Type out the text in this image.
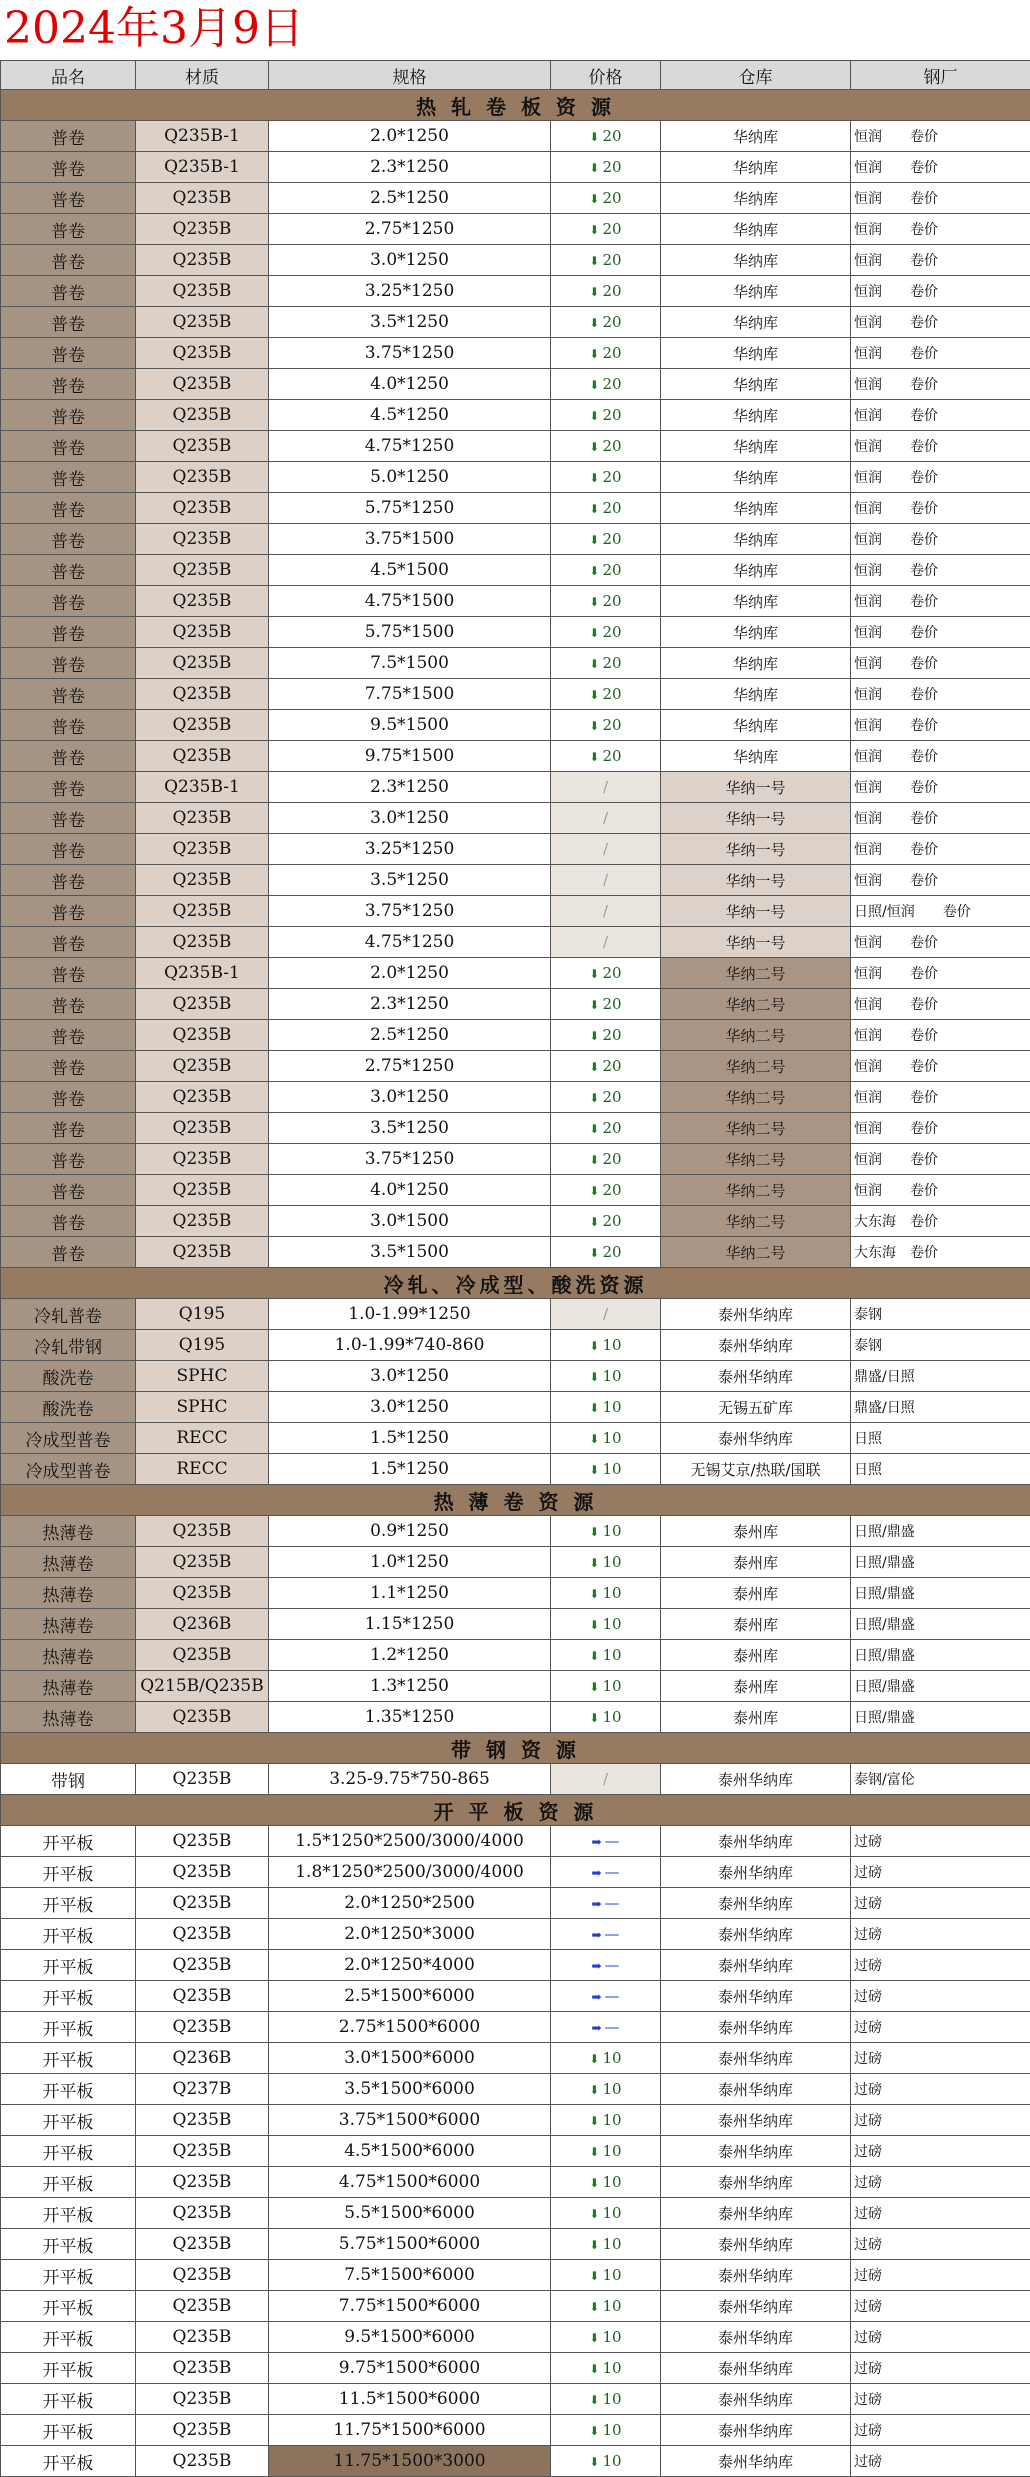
2024年3月9日
品名	材质	规格	价格	仓库	钢厂
热 轧 卷 板 资 源					
普卷	Q235B-1	2.0*1250	⬇ 20	华纳库	恒润　　卷价
普卷	Q235B-1	2.3*1250	⬇ 20	华纳库	恒润　　卷价
普卷	Q235B	2.5*1250	⬇ 20	华纳库	恒润　　卷价
普卷	Q235B	2.75*1250	⬇ 20	华纳库	恒润　　卷价
普卷	Q235B	3.0*1250	⬇ 20	华纳库	恒润　　卷价
普卷	Q235B	3.25*1250	⬇ 20	华纳库	恒润　　卷价
普卷	Q235B	3.5*1250	⬇ 20	华纳库	恒润　　卷价
普卷	Q235B	3.75*1250	⬇ 20	华纳库	恒润　　卷价
普卷	Q235B	4.0*1250	⬇ 20	华纳库	恒润　　卷价
普卷	Q235B	4.5*1250	⬇ 20	华纳库	恒润　　卷价
普卷	Q235B	4.75*1250	⬇ 20	华纳库	恒润　　卷价
普卷	Q235B	5.0*1250	⬇ 20	华纳库	恒润　　卷价
普卷	Q235B	5.75*1250	⬇ 20	华纳库	恒润　　卷价
普卷	Q235B	3.75*1500	⬇ 20	华纳库	恒润　　卷价
普卷	Q235B	4.5*1500	⬇ 20	华纳库	恒润　　卷价
普卷	Q235B	4.75*1500	⬇ 20	华纳库	恒润　　卷价
普卷	Q235B	5.75*1500	⬇ 20	华纳库	恒润　　卷价
普卷	Q235B	7.5*1500	⬇ 20	华纳库	恒润　　卷价
普卷	Q235B	7.75*1500	⬇ 20	华纳库	恒润　　卷价
普卷	Q235B	9.5*1500	⬇ 20	华纳库	恒润　　卷价
普卷	Q235B	9.75*1500	⬇ 20	华纳库	恒润　　卷价
普卷	Q235B-1	2.3*1250	/	华纳一号	恒润　　卷价
普卷	Q235B	3.0*1250	/	华纳一号	恒润　　卷价
普卷	Q235B	3.25*1250	/	华纳一号	恒润　　卷价
普卷	Q235B	3.5*1250	/	华纳一号	恒润　　卷价
普卷	Q235B	3.75*1250	/	华纳一号	日照/恒润　　卷价
普卷	Q235B	4.75*1250	/	华纳一号	恒润　　卷价
普卷	Q235B-1	2.0*1250	⬇ 20	华纳二号	恒润　　卷价
普卷	Q235B	2.3*1250	⬇ 20	华纳二号	恒润　　卷价
普卷	Q235B	2.5*1250	⬇ 20	华纳二号	恒润　　卷价
普卷	Q235B	2.75*1250	⬇ 20	华纳二号	恒润　　卷价
普卷	Q235B	3.0*1250	⬇ 20	华纳二号	恒润　　卷价
普卷	Q235B	3.5*1250	⬇ 20	华纳二号	恒润　　卷价
普卷	Q235B	3.75*1250	⬇ 20	华纳二号	恒润　　卷价
普卷	Q235B	4.0*1250	⬇ 20	华纳二号	恒润　　卷价
普卷	Q235B	3.0*1500	⬇ 20	华纳二号	大东海　卷价
普卷	Q235B	3.5*1500	⬇ 20	华纳二号	大东海　卷价
冷轧、冷成型、酸洗资源					
冷轧普卷	Q195	1.0-1.99*1250	/	泰州华纳库	泰钢
冷轧带钢	Q195	1.0-1.99*740-860	⬇ 10	泰州华纳库	泰钢
酸洗卷	SPHC	3.0*1250	⬇ 10	泰州华纳库	鼎盛/日照
酸洗卷	SPHC	3.0*1250	⬇ 10	无锡五矿库	鼎盛/日照
冷成型普卷	RECC	1.5*1250	⬇ 10	泰州华纳库	日照
冷成型普卷	RECC	1.5*1250	⬇ 10	无锡艾京/热联/国联	日照
热 薄 卷 资 源					
热薄卷	Q235B	0.9*1250	⬇ 10	泰州库	日照/鼎盛
热薄卷	Q235B	1.0*1250	⬇ 10	泰州库	日照/鼎盛
热薄卷	Q235B	1.1*1250	⬇ 10	泰州库	日照/鼎盛
热薄卷	Q236B	1.15*1250	⬇ 10	泰州库	日照/鼎盛
热薄卷	Q235B	1.2*1250	⬇ 10	泰州库	日照/鼎盛
热薄卷	Q215B/Q235B	1.3*1250	⬇ 10	泰州库	日照/鼎盛
热薄卷	Q235B	1.35*1250	⬇ 10	泰州库	日照/鼎盛
带 钢 资 源					
带钢	Q235B	3.25-9.75*750-865	/	泰州华纳库	泰钢/富伦
开 平 板 资 源					
开平板	Q235B	1.5*1250*2500/3000/4000	➡ —	泰州华纳库	过磅
开平板	Q235B	1.8*1250*2500/3000/4000	➡ —	泰州华纳库	过磅
开平板	Q235B	2.0*1250*2500	➡ —	泰州华纳库	过磅
开平板	Q235B	2.0*1250*3000	➡ —	泰州华纳库	过磅
开平板	Q235B	2.0*1250*4000	➡ —	泰州华纳库	过磅
开平板	Q235B	2.5*1500*6000	➡ —	泰州华纳库	过磅
开平板	Q235B	2.75*1500*6000	➡ —	泰州华纳库	过磅
开平板	Q236B	3.0*1500*6000	⬇ 10	泰州华纳库	过磅
开平板	Q237B	3.5*1500*6000	⬇ 10	泰州华纳库	过磅
开平板	Q235B	3.75*1500*6000	⬇ 10	泰州华纳库	过磅
开平板	Q235B	4.5*1500*6000	⬇ 10	泰州华纳库	过磅
开平板	Q235B	4.75*1500*6000	⬇ 10	泰州华纳库	过磅
开平板	Q235B	5.5*1500*6000	⬇ 10	泰州华纳库	过磅
开平板	Q235B	5.75*1500*6000	⬇ 10	泰州华纳库	过磅
开平板	Q235B	7.5*1500*6000	⬇ 10	泰州华纳库	过磅
开平板	Q235B	7.75*1500*6000	⬇ 10	泰州华纳库	过磅
开平板	Q235B	9.5*1500*6000	⬇ 10	泰州华纳库	过磅
开平板	Q235B	9.75*1500*6000	⬇ 10	泰州华纳库	过磅
开平板	Q235B	11.5*1500*6000	⬇ 10	泰州华纳库	过磅
开平板	Q235B	11.75*1500*6000	⬇ 10	泰州华纳库	过磅
开平板	Q235B	11.75*1500*3000	⬇ 10	泰州华纳库	过磅
